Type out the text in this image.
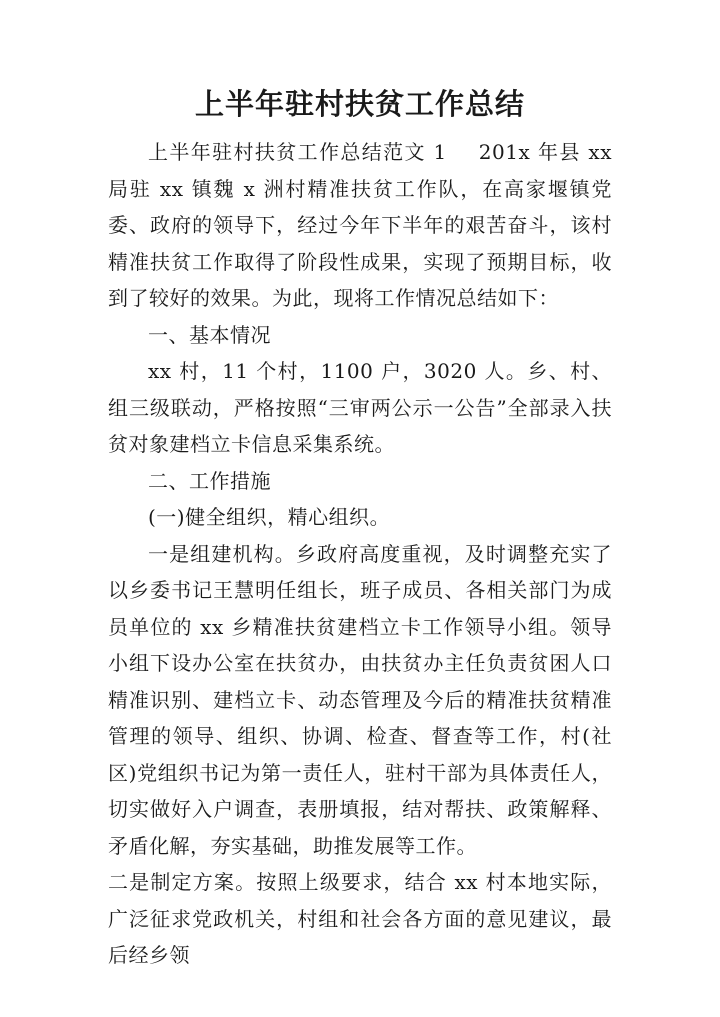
上半年驻村扶贫工作总结

上半年驻村扶贫工作总结范文 1 201x 年县 xx 局驻 xx 镇魏 x 洲村精准扶贫工作队，在高家堰镇党委、政府的领导下，经过今年下半年的艰苦奋斗，该村精准扶贫工作取得了阶段性成果，实现了预期目标，收到了较好的效果。为此，现将工作情况总结如下：

一、基本情况

xx 村，11 个村，1100 户，3020 人。乡、村、组三级联动，严格按照“三审两公示一公告”全部录入扶贫对象建档立卡信息采集系统。

二、工作措施

(一)健全组织，精心组织。

一是组建机构。乡政府高度重视，及时调整充实了以乡委书记王慧明任组长，班子成员、各相关部门为成员单位的 xx 乡精准扶贫建档立卡工作领导小组。领导小组下设办公室在扶贫办，由扶贫办主任负责贫困人口精准识别、建档立卡、动态管理及今后的精准扶贫精准管理的领导、组织、协调、检查、督查等工作，村(社区)党组织书记为第一责任人，驻村干部为具体责任人，切实做好入户调查，表册填报，结对帮扶、政策解释、矛盾化解，夯实基础，助推发展等工作。

二是制定方案。按照上级要求，结合 xx 村本地实际，广泛征求党政机关，村组和社会各方面的意见建议，最后经乡领
